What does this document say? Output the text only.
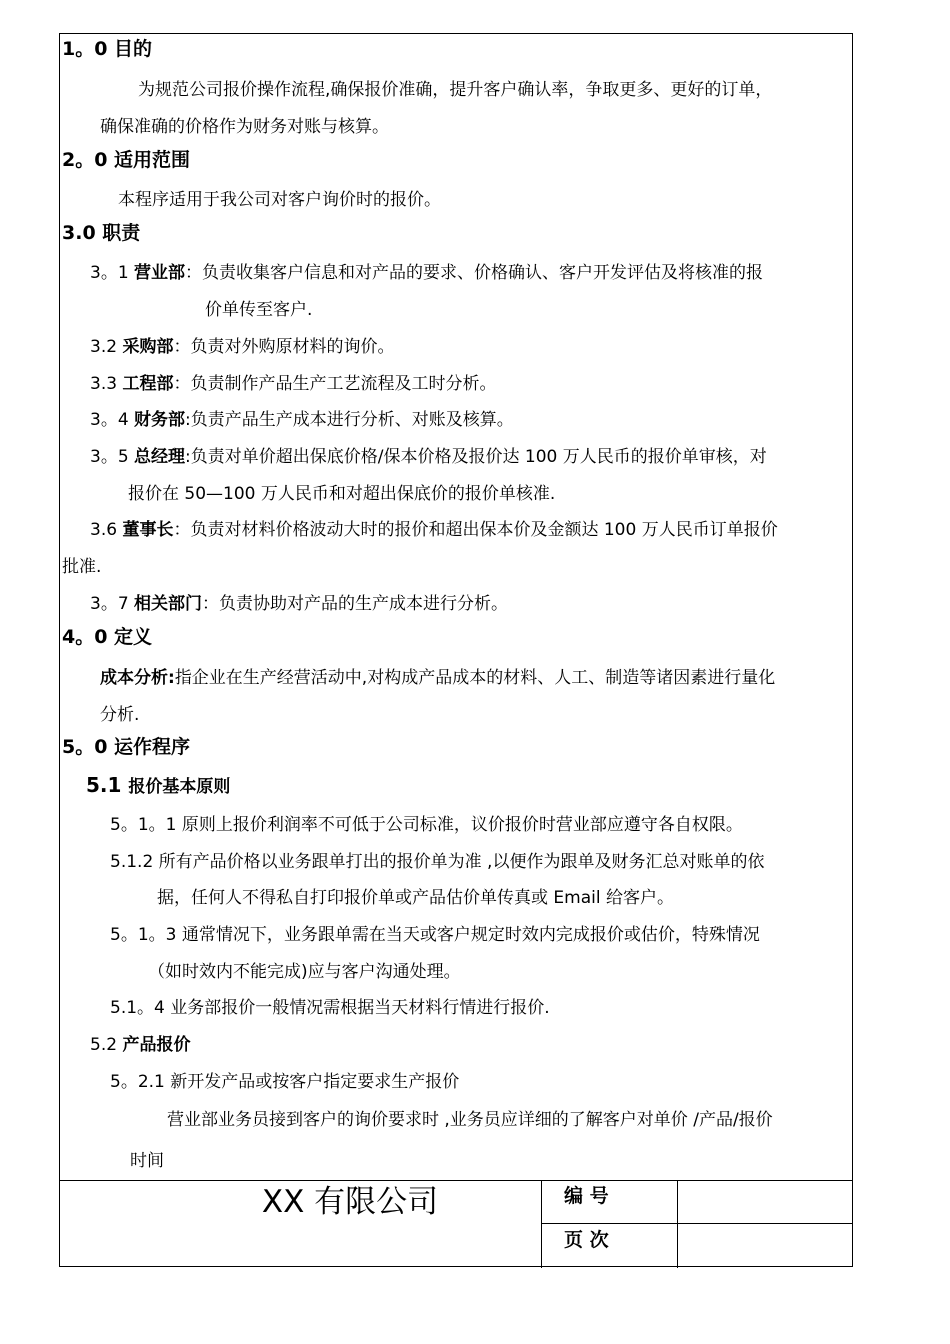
1。0 目的
为规范公司报价操作流程,确保报价准确，提升客户确认率，争取更多、更好的订单，
确保准确的价格作为财务对账与核算。
2。0 适用范围
本程序适用于我公司对客户询价时的报价。
3.0 职责
3。1 营业部：负责收集客户信息和对产品的要求、价格确认、客户开发评估及将核准的报
价单传至客户.
3.2 采购部：负责对外购原材料的询价。
3.3 工程部：负责制作产品生产工艺流程及工时分析。
3。4 财务部:负责产品生产成本进行分析、对账及核算。
3。5 总经理:负责对单价超出保底价格/保本价格及报价达 100 万人民币的报价单审核，对
报价在 50—100 万人民币和对超出保底价的报价单核准.
3.6 董事长：负责对材料价格波动大时的报价和超出保本价及金额达 100 万人民币订单报价
批准.
3。7 相关部门：负责协助对产品的生产成本进行分析。
4。0 定义
成本分析:指企业在生产经营活动中,对构成产品成本的材料、人工、制造等诸因素进行量化
分析.
5。0 运作程序
5.1 报价基本原则
5。1。1 原则上报价利润率不可低于公司标准，议价报价时营业部应遵守各自权限。
5.1.2 所有产品价格以业务跟单打出的报价单为准 ,以便作为跟单及财务汇总对账单的依
据，任何人不得私自打印报价单或产品估价单传真或 Email 给客户。
5。1。3 通常情况下，业务跟单需在当天或客户规定时效内完成报价或估价，特殊情况
（如时效内不能完成)应与客户沟通处理。
5.1。4 业务部报价一般情况需根据当天材料行情进行报价.
5.2 产品报价
5。2.1 新开发产品或按客户指定要求生产报价
营业部业务员接到客户的询价要求时 ,业务员应详细的了解客户对单价 /产品/报价
时间
XX 有限公司	编 号
页 次
